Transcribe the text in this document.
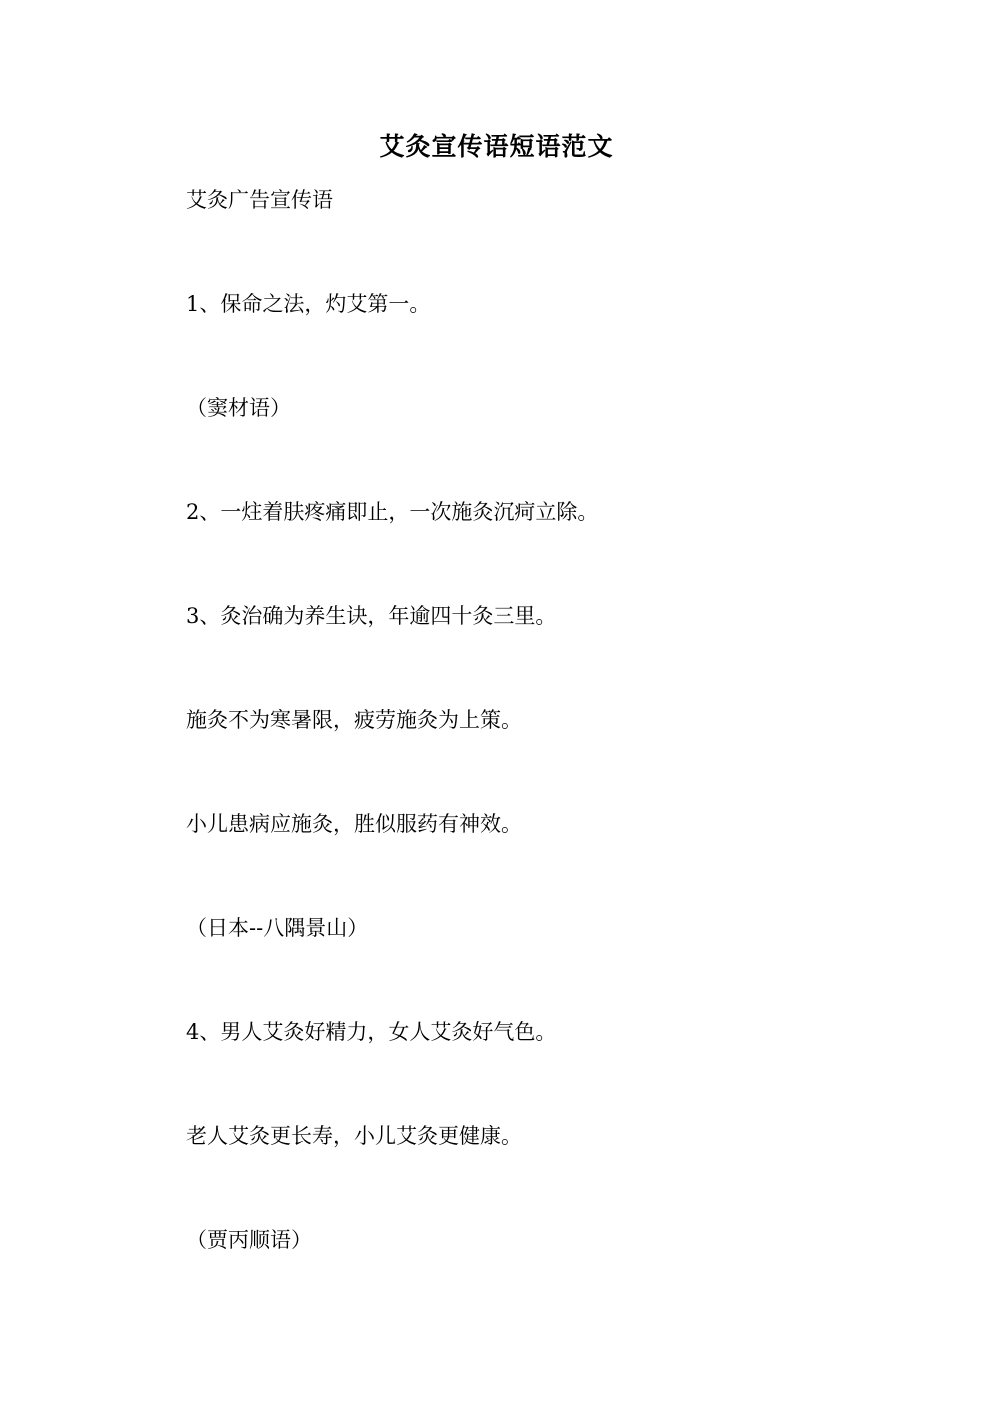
艾灸宣传语短语范文
艾灸广告宣传语
1、保命之法，灼艾第一。
（窦材语）
2、一炷着肤疼痛即止，一次施灸沉疴立除。
3、灸治确为养生诀，年逾四十灸三里。
施灸不为寒暑限，疲劳施灸为上策。
小儿患病应施灸，胜似服药有神效。
（日本--八隅景山）
4、男人艾灸好精力，女人艾灸好气色。
老人艾灸更长寿，小儿艾灸更健康。
（贾丙顺语）
